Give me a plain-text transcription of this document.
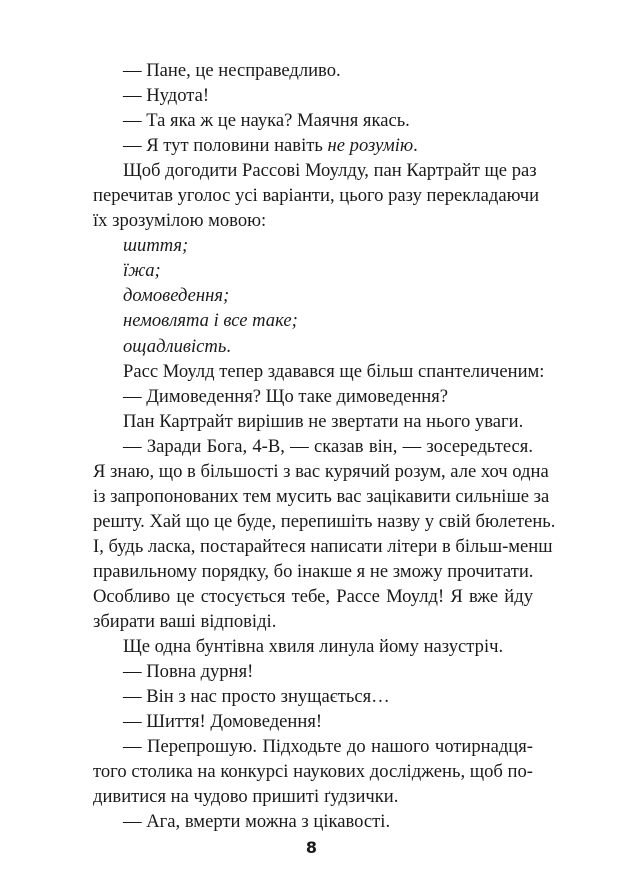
— Пане, це несправедливо.

— Нудота!

— Та яка ж це наука? Маячня якась.

— Я тут половини навіть не розумію.

Щоб догодити Рассові Моулду, пан Картрайт ще раз

перечитав уголос усі варіанти, цього разу перекладаючи

їх зрозумілою мовою:

шиття;

їжа;

домоведення;

немовлята і все таке;

ощадливість.

Расс Моулд тепер здавався ще більш спантеличеним:

— Димоведення? Що таке димоведення?

Пан Картрайт вирішив не звертати на нього уваги.

— Заради Бога, 4-В, — сказав він, — зосередьтеся.

Я знаю, що в більшості з вас курячий розум, але хоч одна

із запропонованих тем мусить вас зацікавити сильніше за

решту. Хай що це буде, перепишіть назву у свій бюлетень.

І, будь ласка, постарайтеся написати літери в більш-менш

правильному порядку, бо інакше я не зможу прочитати.

Особливо це стосується тебе, Рассе Моулд! Я вже йду

збирати ваші відповіді.

Ще одна бунтівна хвиля линула йому назустріч.

— Повна дурня!

— Він з нас просто знущається…

— Шиття! Домоведення!

— Перепрошую. Підходьте до нашого чотирнадця-

того столика на конкурсі наукових досліджень, щоб по-

дивитися на чудово пришиті ґудзички.

— Ага, вмерти можна з цікавості.

8
